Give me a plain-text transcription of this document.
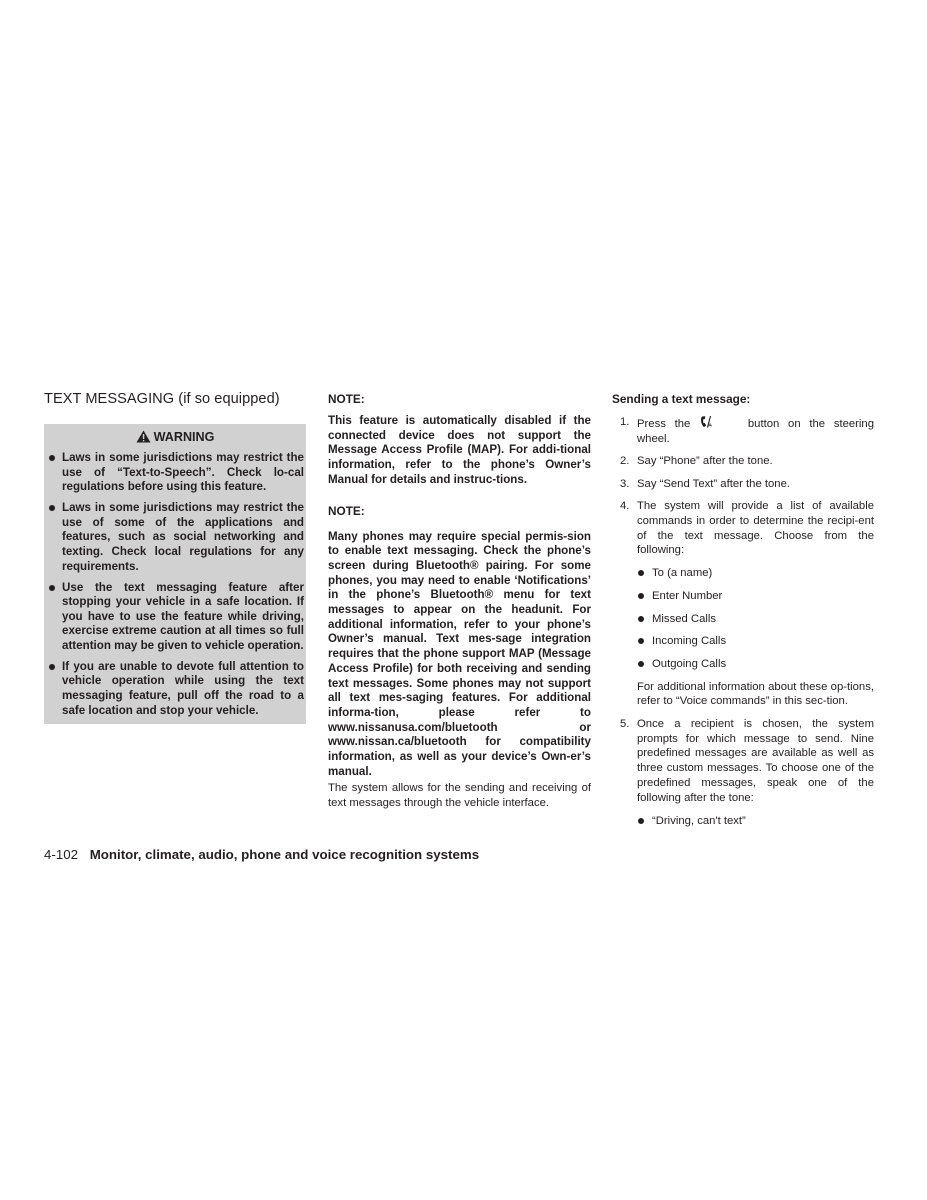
TEXT MESSAGING (if so equipped)
WARNING
Laws in some jurisdictions may restrict the use of “Text-to-Speech”. Check lo-cal regulations before using this feature.
Laws in some jurisdictions may restrict the use of some of the applications and features, such as social networking and texting. Check local regulations for any requirements.
Use the text messaging feature after stopping your vehicle in a safe location. If you have to use the feature while driving, exercise extreme caution at all times so full attention may be given to vehicle operation.
If you are unable to devote full attention to vehicle operation while using the text messaging feature, pull off the road to a safe location and stop your vehicle.

NOTE:

This feature is automatically disabled if the connected device does not support the Message Access Profile (MAP). For addi-tional information, refer to the phone’s Owner’s Manual for details and instruc-tions.

NOTE:

Many phones may require special permis-sion to enable text messaging. Check the phone’s screen during Bluetooth® pairing. For some phones, you may need to enable ‘Notifications’ in the phone’s Bluetooth® menu for text messages to appear on the headunit. For additional information, refer to your phone’s Owner’s manual. Text mes-sage integration requires that the phone support MAP (Message Access Profile) for both receiving and sending text messages. Some phones may not support all text mes-saging features. For additional informa-tion, please refer to www.nissanusa.com/bluetooth or www.nissan.ca/bluetooth for compatibility information, as well as your device’s Own-er’s manual.

The system allows for the sending and receiving of text messages through the vehicle interface.

Sending a text message:

1. Press the	button on the steering wheel.
2. Say “Phone” after the tone.
3. Say “Send Text” after the tone.
4. The system will provide a list of available commands in order to determine the recipi-ent of the text message. Choose from the following:
To (a name)
Enter Number
Missed Calls
Incoming Calls
Outgoing Calls

For additional information about these op-tions, refer to “Voice commands” in this sec-tion.

5. Once a recipient is chosen, the system prompts for which message to send. Nine predefined messages are available as well as three custom messages. To choose one of the predefined messages, speak one of the following after the tone:
“Driving, can't text”
4-102 Monitor, climate, audio, phone and voice recognition systems
